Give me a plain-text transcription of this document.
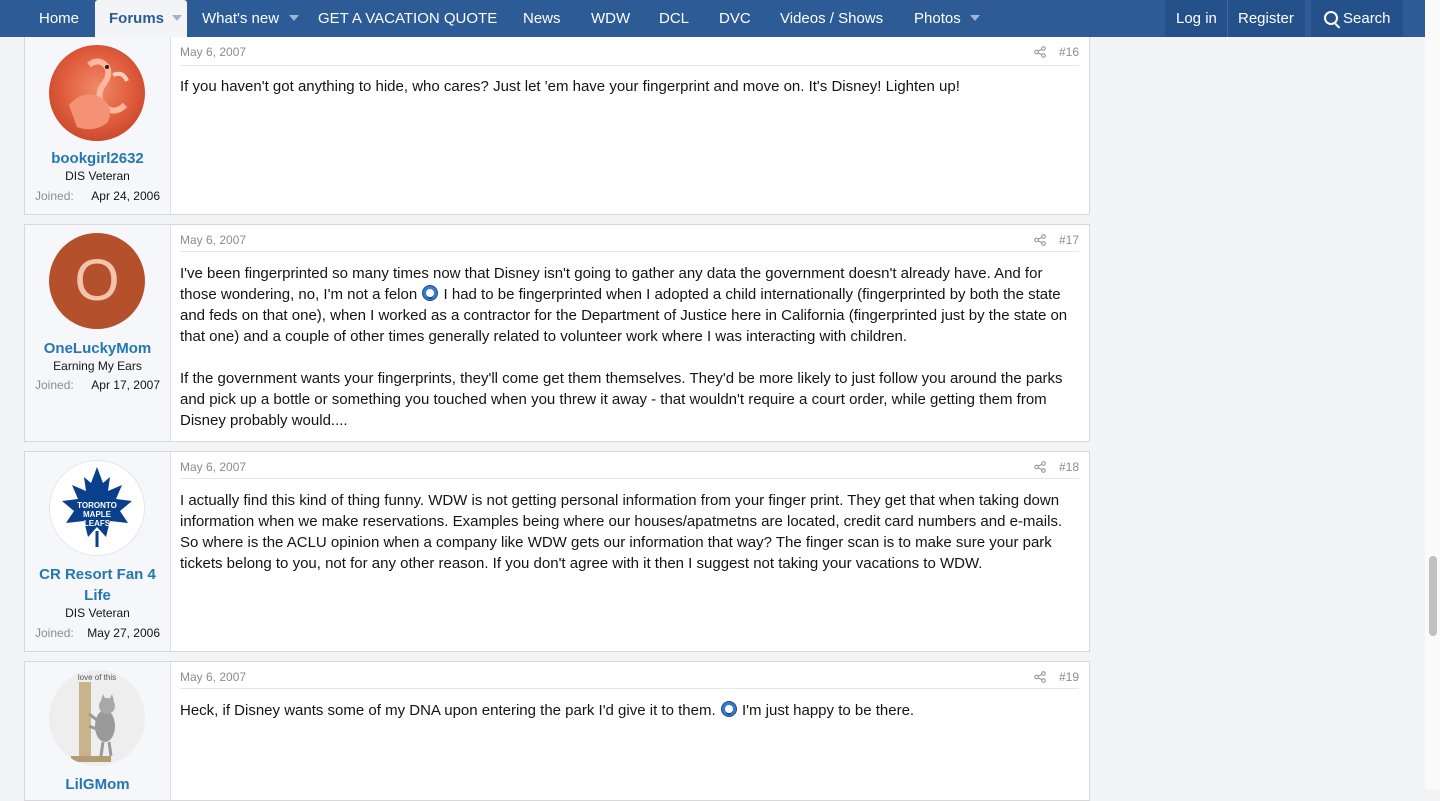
Home	Forums	What's new	GET A VACATION QUOTE News WDW DCL DVC Videos / Shows Photos	Log in Register	Search
bookgirl2632
DIS Veteran
Joined: Apr 24, 2006
May 6, 2007	#16

If you haven't got anything to hide, who cares? Just let 'em have your fingerprint and move on. It's Disney! Lighten up!

O
OneLuckyMom
Earning My Ears
Joined: Apr 17, 2007
May 6, 2007	#17

I've been fingerprinted so many times now that Disney isn't going to gather any data the government doesn't already have. And for those wondering, no, I'm not a felon I had to be fingerprinted when I adopted a child internationally (fingerprinted by both the state and feds on that one), when I worked as a contractor for the Department of Justice here in California (fingerprinted just by the state on that one) and a couple of other times generally related to volunteer work where I was interacting with children.

If the government wants your fingerprints, they'll come get them themselves. They'd be more likely to just follow you around the parks and pick up a bottle or something you touched when you threw it away - that wouldn't require a court order, while getting them from Disney probably would....

TORONTO
MAPLE
LEAFS
CR Resort Fan 4 Life
DIS Veteran
Joined: May 27, 2006
May 6, 2007	#18

I actually find this kind of thing funny. WDW is not getting personal information from your finger print. They get that when taking down information when we make reservations. Examples being where our houses/apatmetns are located, credit card numbers and e-mails. So where is the ACLU opinion when a company like WDW gets our information that way? The finger scan is to make sure your park tickets belong to you, not for any other reason. If you don't agree with it then I suggest not taking your vacations to WDW.

love of this
LilGMom
May 6, 2007	#19

Heck, if Disney wants some of my DNA upon entering the park I'd give it to them. I'm just happy to be there.
